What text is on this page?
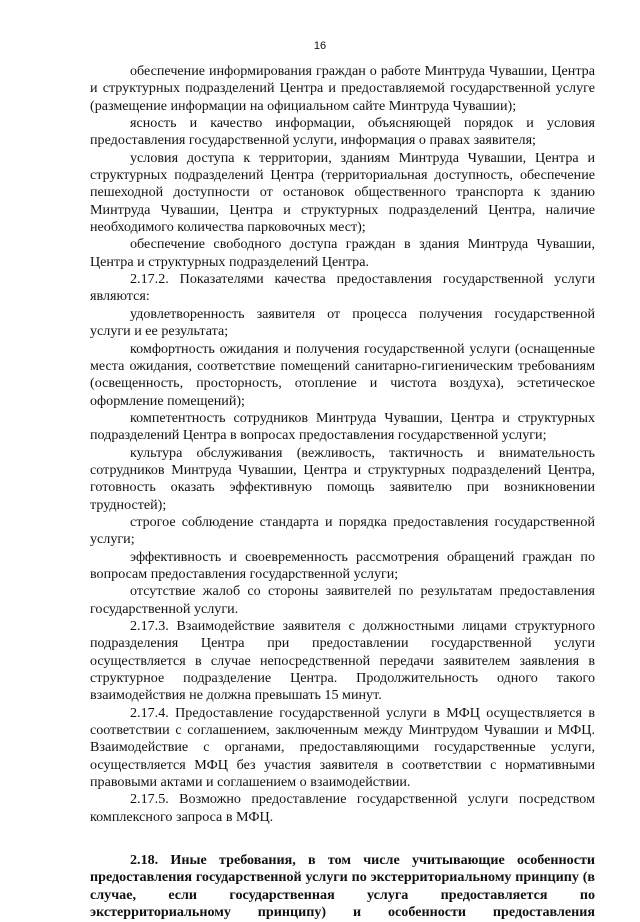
16

обеспечение информирования граждан о работе Минтруда Чувашии, Центра и структурных подразделений Центра и предоставляемой государственной услуге (размещение информации на официальном сайте Минтруда Чувашии);

ясность и качество информации, объясняющей порядок и условия предоставления государственной услуги, информация о правах заявителя;

условия доступа к территории, зданиям Минтруда Чувашии, Центра и структурных подразделений Центра (территориальная доступность, обеспечение пешеходной доступности от остановок общественного транспорта к зданию Минтруда Чувашии, Центра и структурных подразделений Центра, наличие необходимого количества парковочных мест);

обеспечение свободного доступа граждан в здания Минтруда Чувашии, Центра и структурных подразделений Центра.

2.17.2. Показателями качества предоставления государственной услуги являются:

удовлетворенность заявителя от процесса получения государственной услуги и ее результата;

комфортность ожидания и получения государственной услуги (оснащенные места ожидания, соответствие помещений санитарно-гигиеническим требованиям (освещенность, просторность, отопление и чистота воздуха), эстетическое оформление помещений);

компетентность сотрудников Минтруда Чувашии, Центра и структурных подразделений Центра в вопросах предоставления государственной услуги;

культура обслуживания (вежливость, тактичность и внимательность сотрудников Минтруда Чувашии, Центра и структурных подразделений Центра, готовность оказать эффективную помощь заявителю при возникновении трудностей);

строгое соблюдение стандарта и порядка предоставления государственной услуги;

эффективность и своевременность рассмотрения обращений граждан по вопросам предоставления государственной услуги;

отсутствие жалоб со стороны заявителей по результатам предоставления государственной услуги.

2.17.3. Взаимодействие заявителя с должностными лицами структурного подразделения Центра при предоставлении государственной услуги осуществляется в случае непосредственной передачи заявителем заявления в структурное подразделение Центра. Продолжительность одного такого взаимодействия не должна превышать 15 минут.

2.17.4. Предоставление государственной услуги в МФЦ осуществляется в соответствии с соглашением, заключенным между Минтрудом Чувашии и МФЦ. Взаимодействие с органами, предоставляющими государственные услуги, осуществляется МФЦ без участия заявителя в соответствии с нормативными правовыми актами и соглашением о взаимодействии.

2.17.5. Возможно предоставление государственной услуги посредством комплексного запроса в МФЦ.

2.18. Иные требования, в том числе учитывающие особенности предоставления государственной услуги по экстерриториальному принципу (в случае, если государственная услуга предоставляется по экстерриториальному принципу) и особенности предоставления
